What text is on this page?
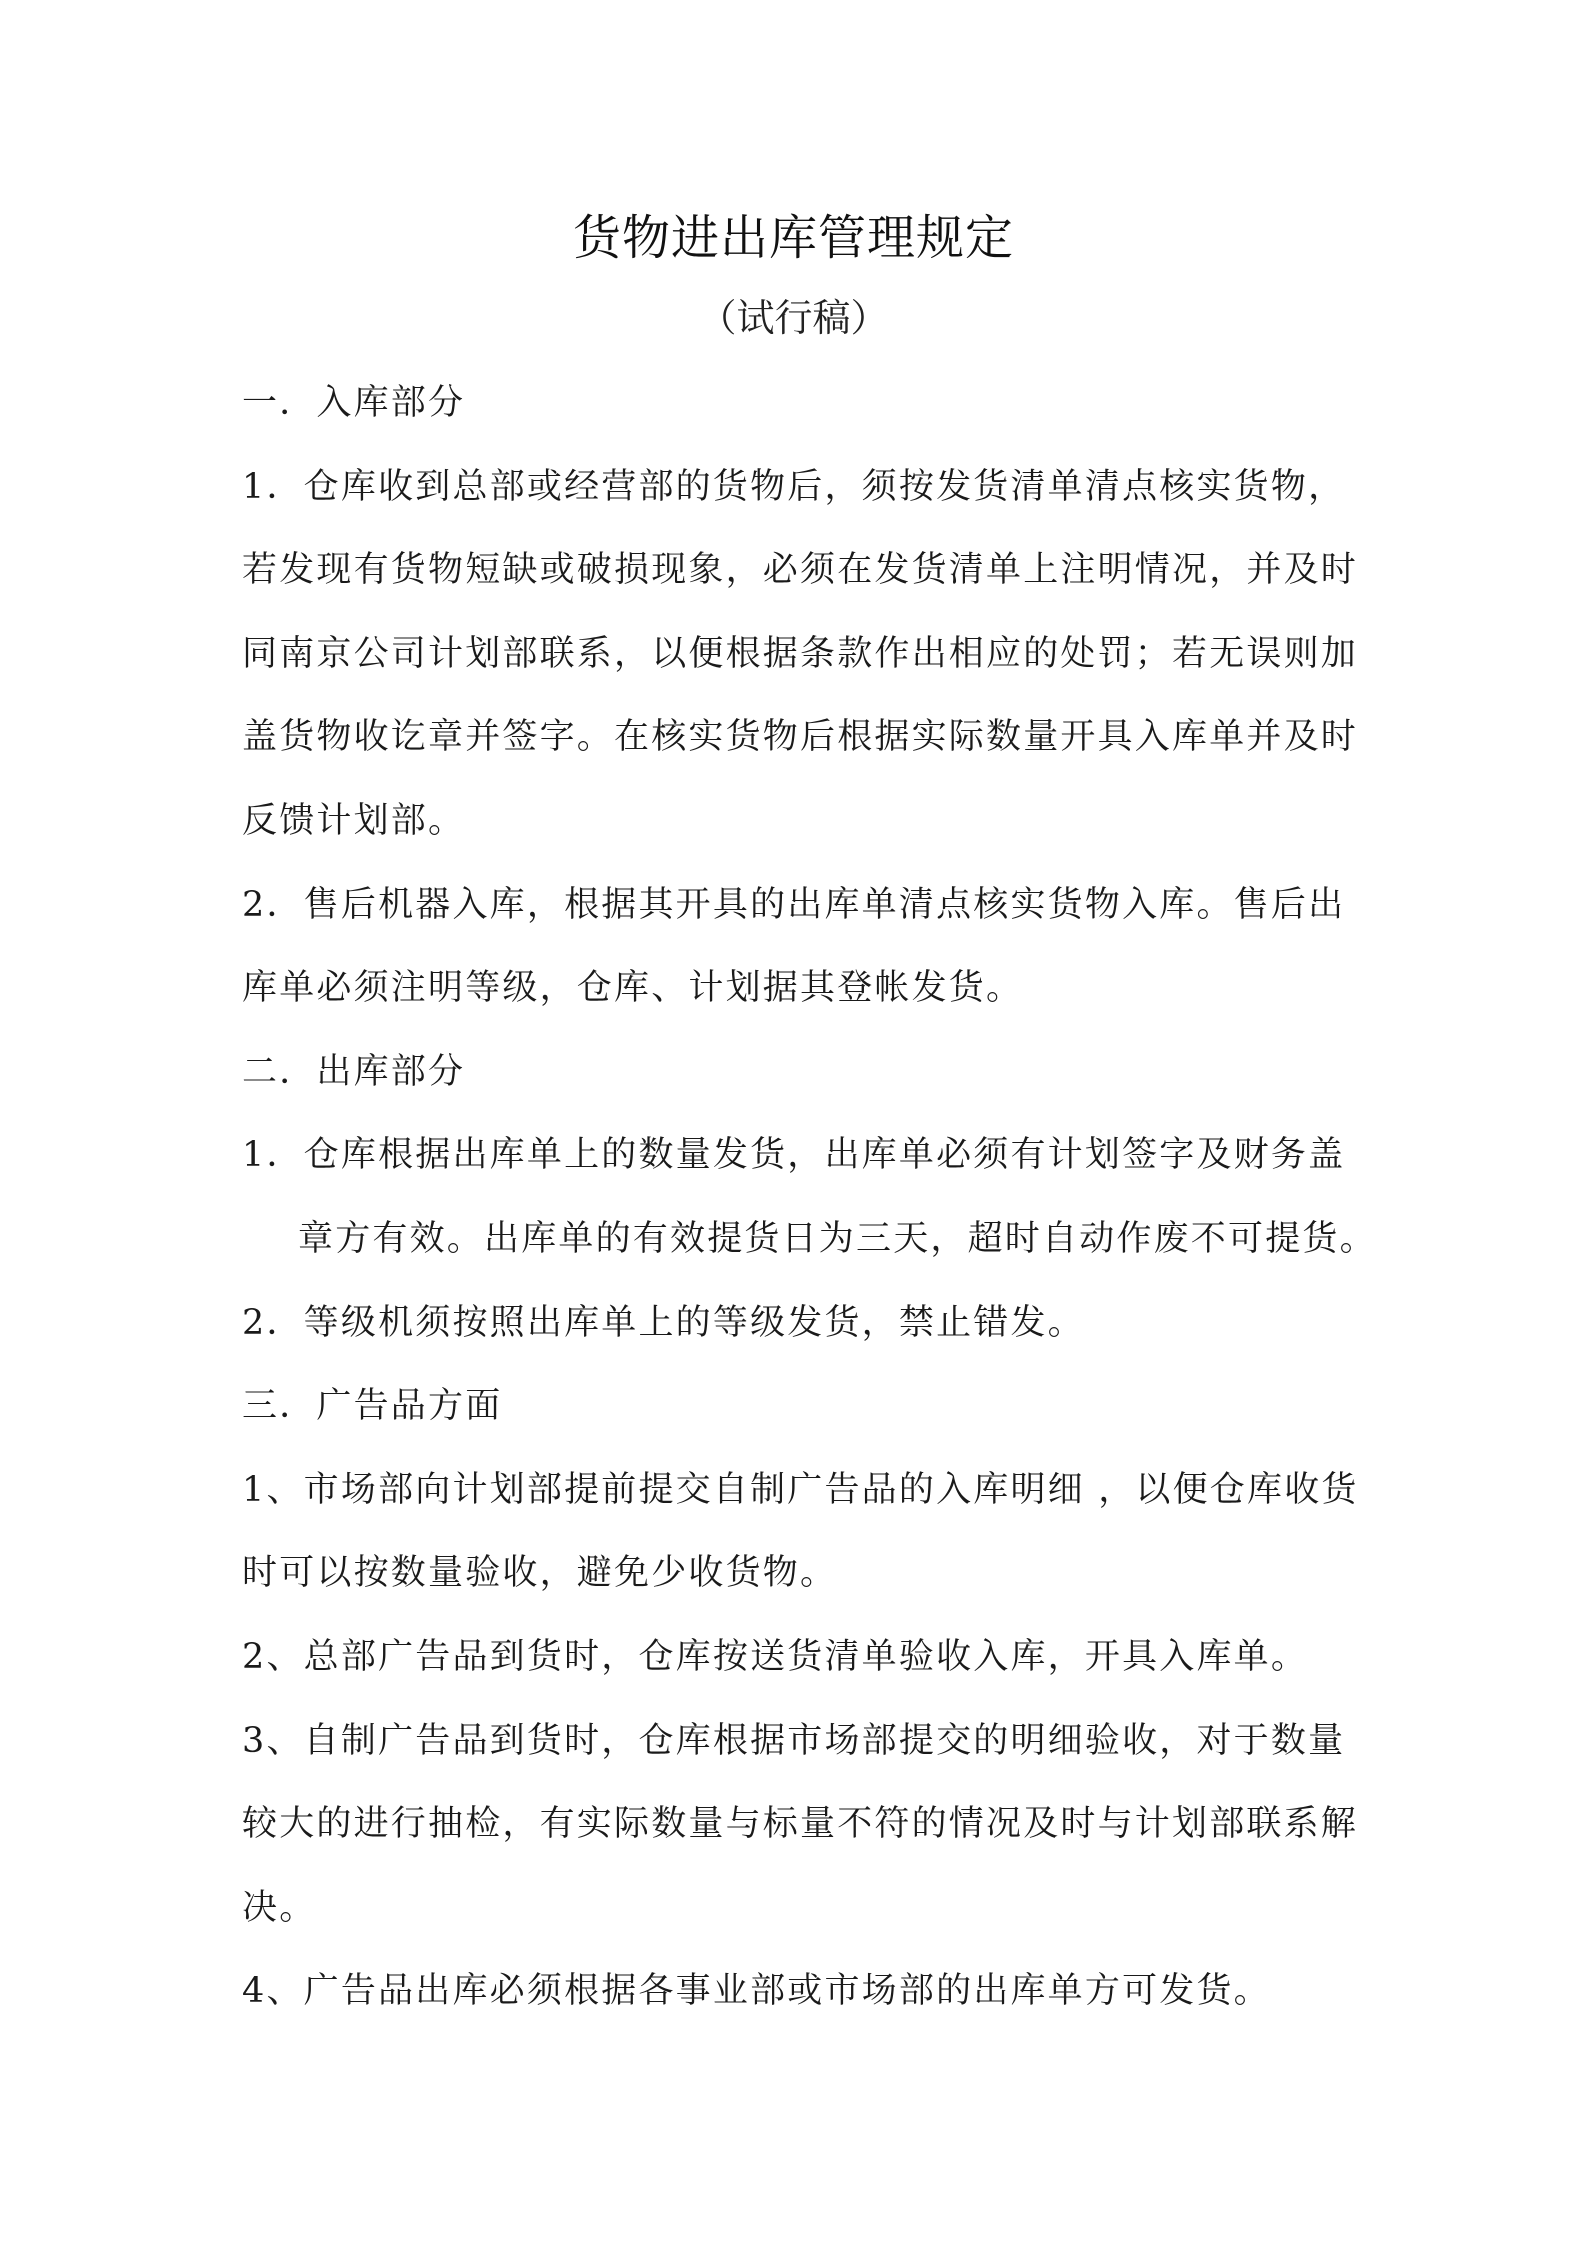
货物进出库管理规定
（试行稿）
一．入库部分
1．仓库收到总部或经营部的货物后，须按发货清单清点核实货物，
若发现有货物短缺或破损现象，必须在发货清单上注明情况，并及时
同南京公司计划部联系，以便根据条款作出相应的处罚；若无误则加
盖货物收讫章并签字。在核实货物后根据实际数量开具入库单并及时
反馈计划部。
2．售后机器入库，根据其开具的出库单清点核实货物入库。售后出
库单必须注明等级，仓库、计划据其登帐发货。
二．出库部分
1．仓库根据出库单上的数量发货，出库单必须有计划签字及财务盖
章方有效。出库单的有效提货日为三天，超时自动作废不可提货。
2．等级机须按照出库单上的等级发货，禁止错发。
三．广告品方面
1、市场部向计划部提前提交自制广告品的入库明细 ，以便仓库收货
时可以按数量验收，避免少收货物。
2、总部广告品到货时，仓库按送货清单验收入库，开具入库单。
3、自制广告品到货时，仓库根据市场部提交的明细验收，对于数量
较大的进行抽检，有实际数量与标量不符的情况及时与计划部联系解
决。
4、广告品出库必须根据各事业部或市场部的出库单方可发货。
